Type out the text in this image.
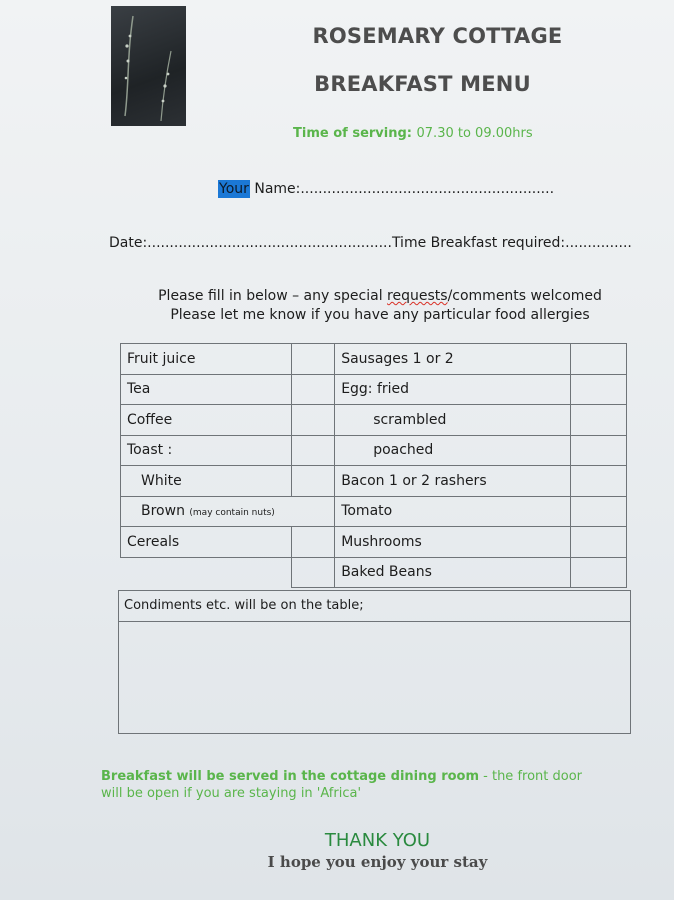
ROSEMARY COTTAGE
BREAKFAST MENU
Time of serving: 07.30 to 09.00hrs
Your Name:.........................................................
Date:.......................................................Time Breakfast required:...............
Please fill in below – any special requests/comments welcomed
Please let me know if you have any particular food allergies
Fruit juice		Sausages 1 or 2	
Tea		Egg: fried	
Coffee		scrambled	
Toast :		poached	
White		Bacon 1 or 2 rashers	
Brown (may contain nuts)		Tomato	
Cereals		Mushrooms	
		Baked Beans	
Condiments etc. will be on the table;
Breakfast will be served in the cottage dining room - the front door
will be open if you are staying in 'Africa'
THANK YOU
I hope you enjoy your stay
